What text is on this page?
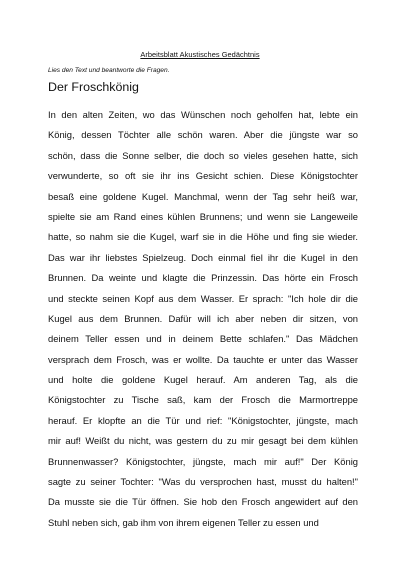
Arbeitsblatt Akustisches Gedächtnis
Lies den Text und beantworte die Fragen.
Der Froschkönig
In den alten Zeiten, wo das Wünschen noch geholfen hat, lebte ein
König, dessen Töchter alle schön waren. Aber die jüngste war so
schön, dass die Sonne selber, die doch so vieles gesehen hatte, sich
verwunderte, so oft sie ihr ins Gesicht schien. Diese Königstochter
besaß eine goldene Kugel. Manchmal, wenn der Tag sehr heiß war,
spielte sie am Rand eines kühlen Brunnens; und wenn sie Langeweile
hatte, so nahm sie die Kugel, warf sie in die Höhe und fing sie wieder.
Das war ihr liebstes Spielzeug. Doch einmal fiel ihr die Kugel in den
Brunnen. Da weinte und klagte die Prinzessin. Das hörte ein Frosch
und steckte seinen Kopf aus dem Wasser. Er sprach: "Ich hole dir die
Kugel aus dem Brunnen. Dafür will ich aber neben dir sitzen, von
deinem Teller essen und in deinem Bette schlafen." Das Mädchen
versprach dem Frosch, was er wollte. Da tauchte er unter das Wasser
und holte die goldene Kugel herauf. Am anderen Tag, als die
Königstochter zu Tische saß, kam der Frosch die Marmortreppe
herauf. Er klopfte an die Tür und rief: "Königstochter, jüngste, mach
mir auf! Weißt du nicht, was gestern du zu mir gesagt bei dem kühlen
Brunnenwasser? Königstochter, jüngste, mach mir auf!" Der König
sagte zu seiner Tochter: "Was du versprochen hast, musst du halten!"
Da musste sie die Tür öffnen. Sie hob den Frosch angewidert auf den
Stuhl neben sich, gab ihm von ihrem eigenen Teller zu essen und
